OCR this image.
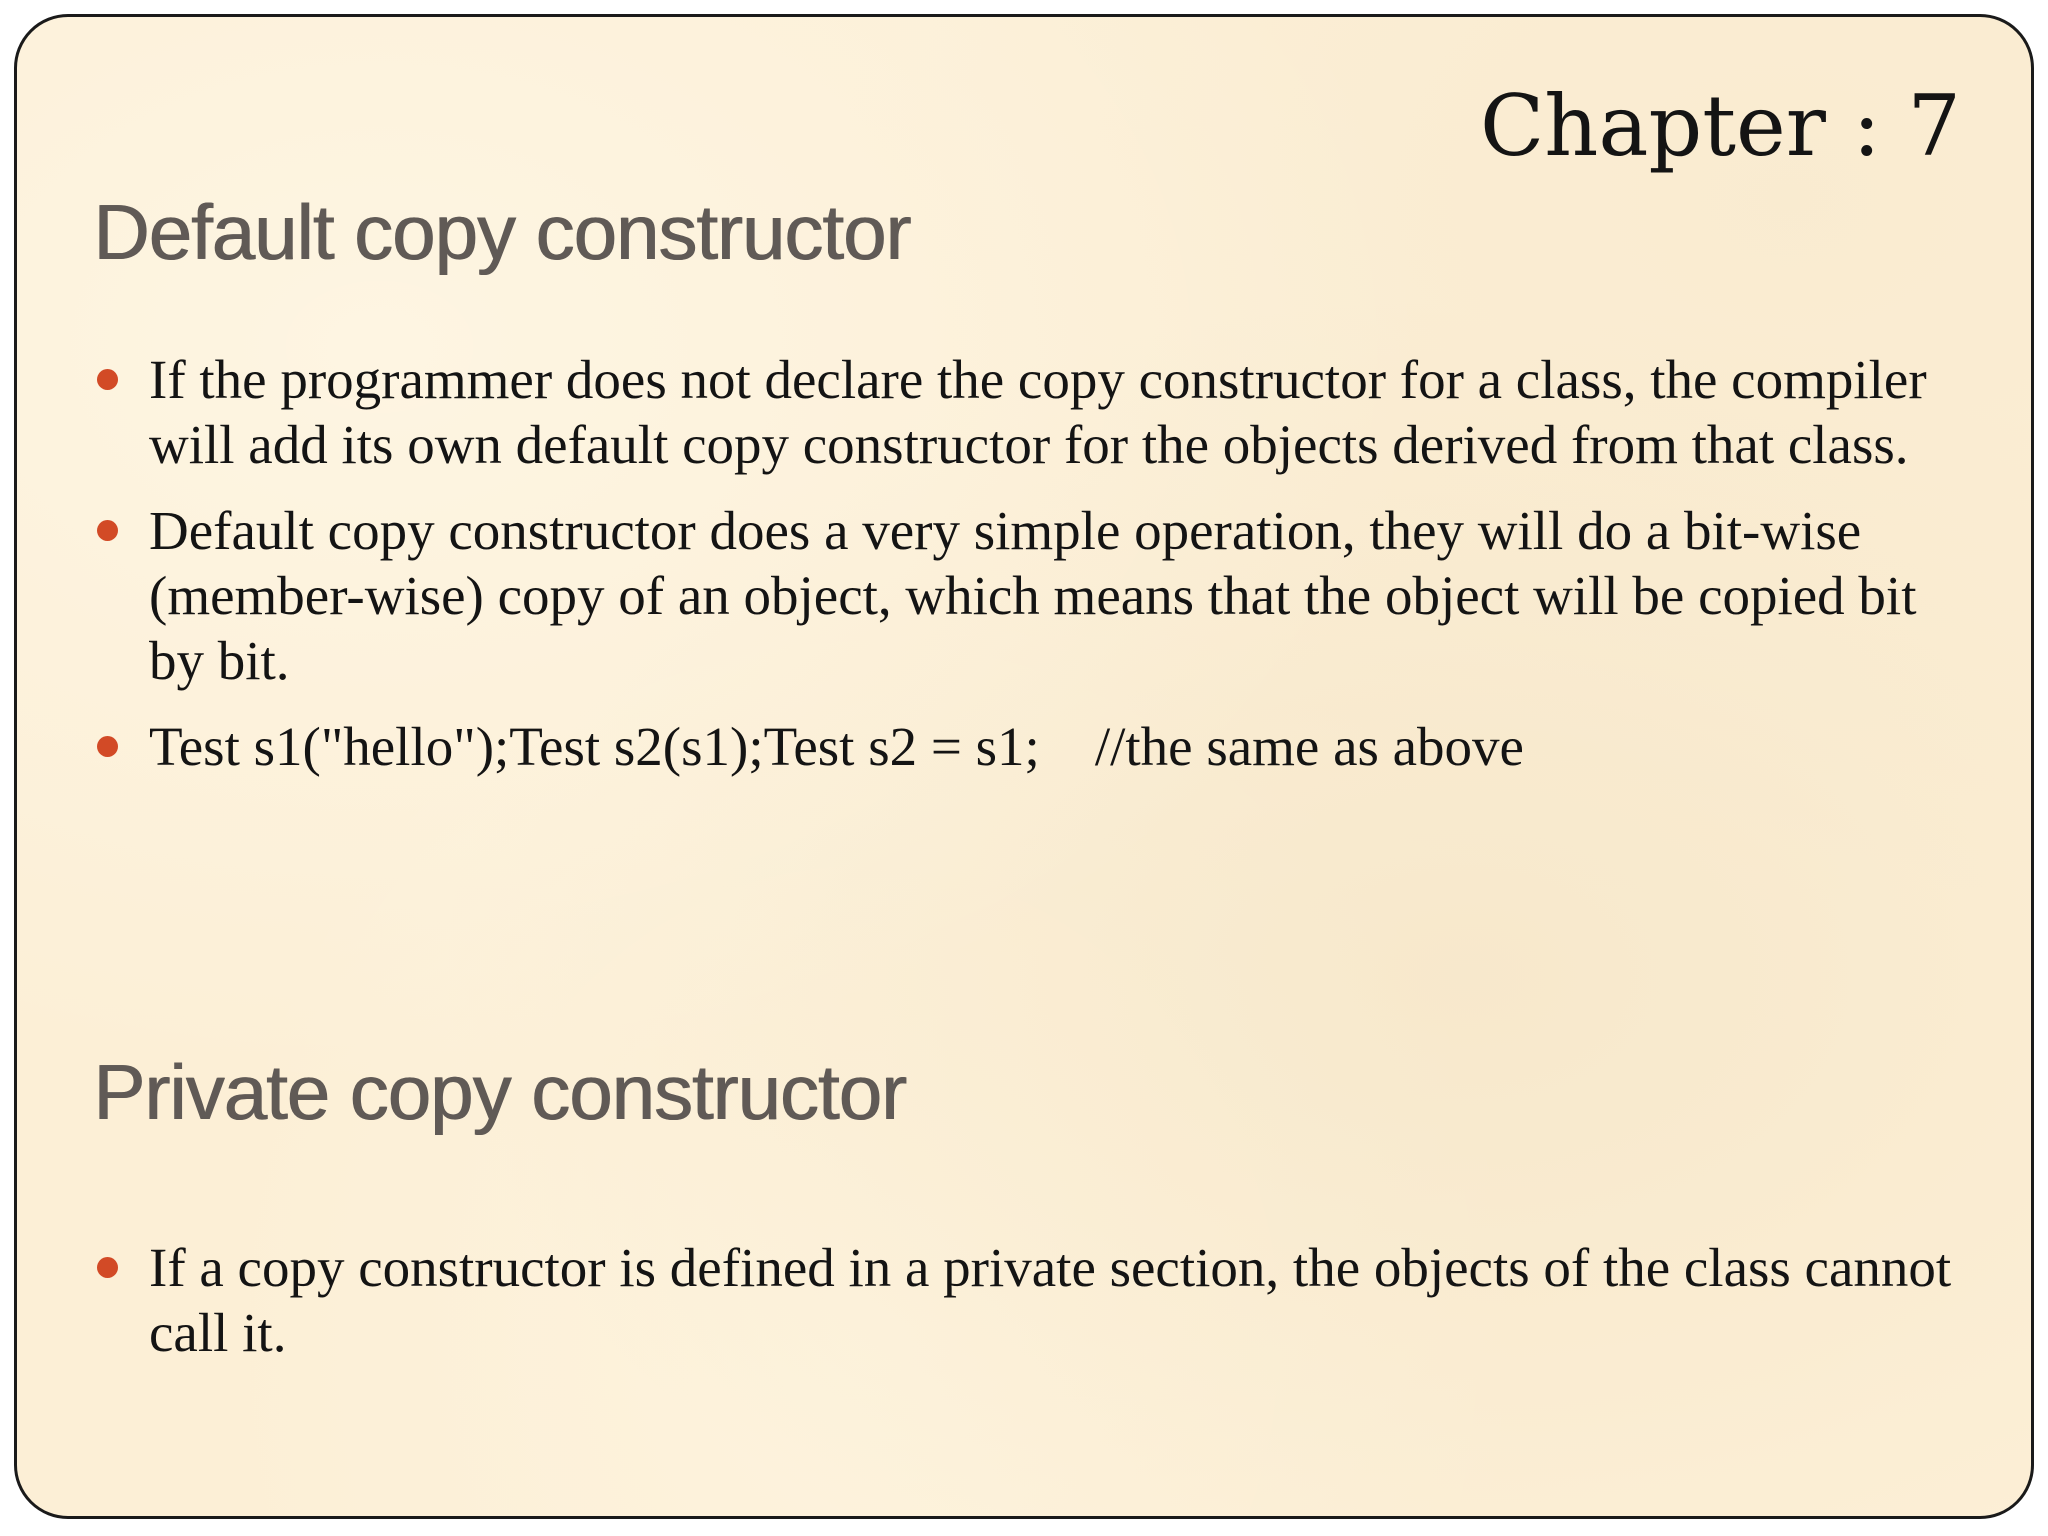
Chapter : 7
Default copy constructor
If the programmer does not declare the copy constructor for a class, the compiler will add its own default copy constructor for the objects derived from that class.
Default copy constructor does a very simple operation, they will do a bit-wise (member-wise) copy of an object, which means that the object will be copied bit by bit.
Test s1("hello");Test s2(s1);Test s2 = s1;    //the same as above
Private copy constructor
If a copy constructor is defined in a private section, the objects of the class cannot call it.
